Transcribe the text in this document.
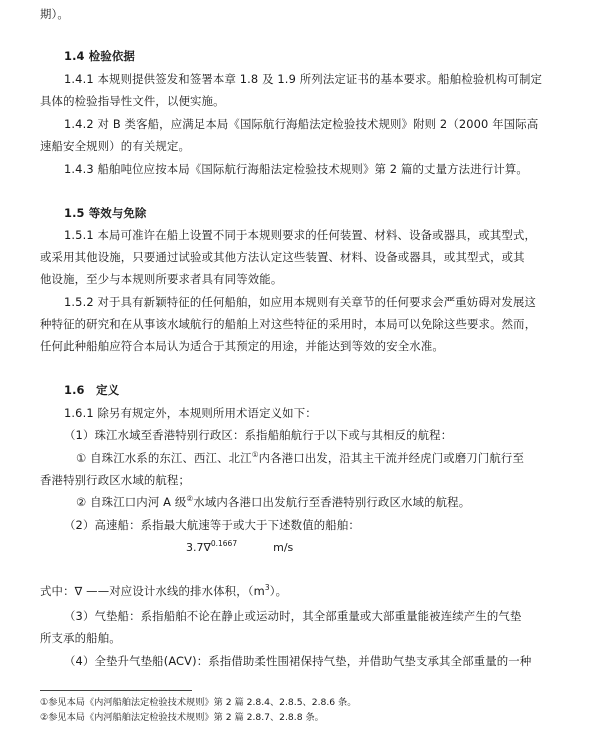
期）。
1.4 检验依据
1.4.1 本规则提供签发和签署本章 1.8 及 1.9 所列法定证书的基本要求。船舶检验机构可制定
具体的检验指导性文件，以便实施。
1.4.2 对 B 类客船，应满足本局《国际航行海船法定检验技术规则》附则 2（2000 年国际高
速船安全规则）的有关规定。
1.4.3 船舶吨位应按本局《国际航行海船法定检验技术规则》第 2 篇的丈量方法进行计算。
1.5 等效与免除
1.5.1 本局可准许在船上设置不同于本规则要求的任何装置、材料、设备或器具，或其型式，
或采用其他设施，只要通过试验或其他方法认定这些装置、材料、设备或器具，或其型式，或其
他设施，至少与本规则所要求者具有同等效能。
1.5.2 对于具有新颖特征的任何船舶，如应用本规则有关章节的任何要求会严重妨碍对发展这
种特征的研究和在从事该水域航行的船舶上对这些特征的采用时，本局可以免除这些要求。然而，
任何此种船舶应符合本局认为适合于其预定的用途，并能达到等效的安全水准。
1.6　定义
1.6.1 除另有规定外，本规则所用术语定义如下：
（1）珠江水域至香港特别行政区：系指船舶航行于以下或与其相反的航程：
① 自珠江水系的东江、西江、北江①内各港口出发，沿其主干流并经虎门或磨刀门航行至
香港特别行政区水域的航程；
② 自珠江口内河 A 级②水域内各港口出发航行至香港特别行政区水域的航程。
（2）高速船：系指最大航速等于或大于下述数值的船舶：
3.7∇$^{0.1667}$	m/s
式中：∇ ——对应设计水线的排水体积，$(m^3)$。
（3）气垫船：系指船舶不论在静止或运动时，其全部重量或大部重量能被连续产生的气垫
所支承的船舶。
（4）全垫升气垫船(ACV)：系指借助柔性围裙保持气垫，并借助气垫支承其全部重量的一种
①参见本局《内河船舶法定检验技术规则》第 2 篇 2.8.4、2.8.5、2.8.6 条。
②参见本局《内河船舶法定检验技术规则》第 2 篇 2.8.7、2.8.8 条。
